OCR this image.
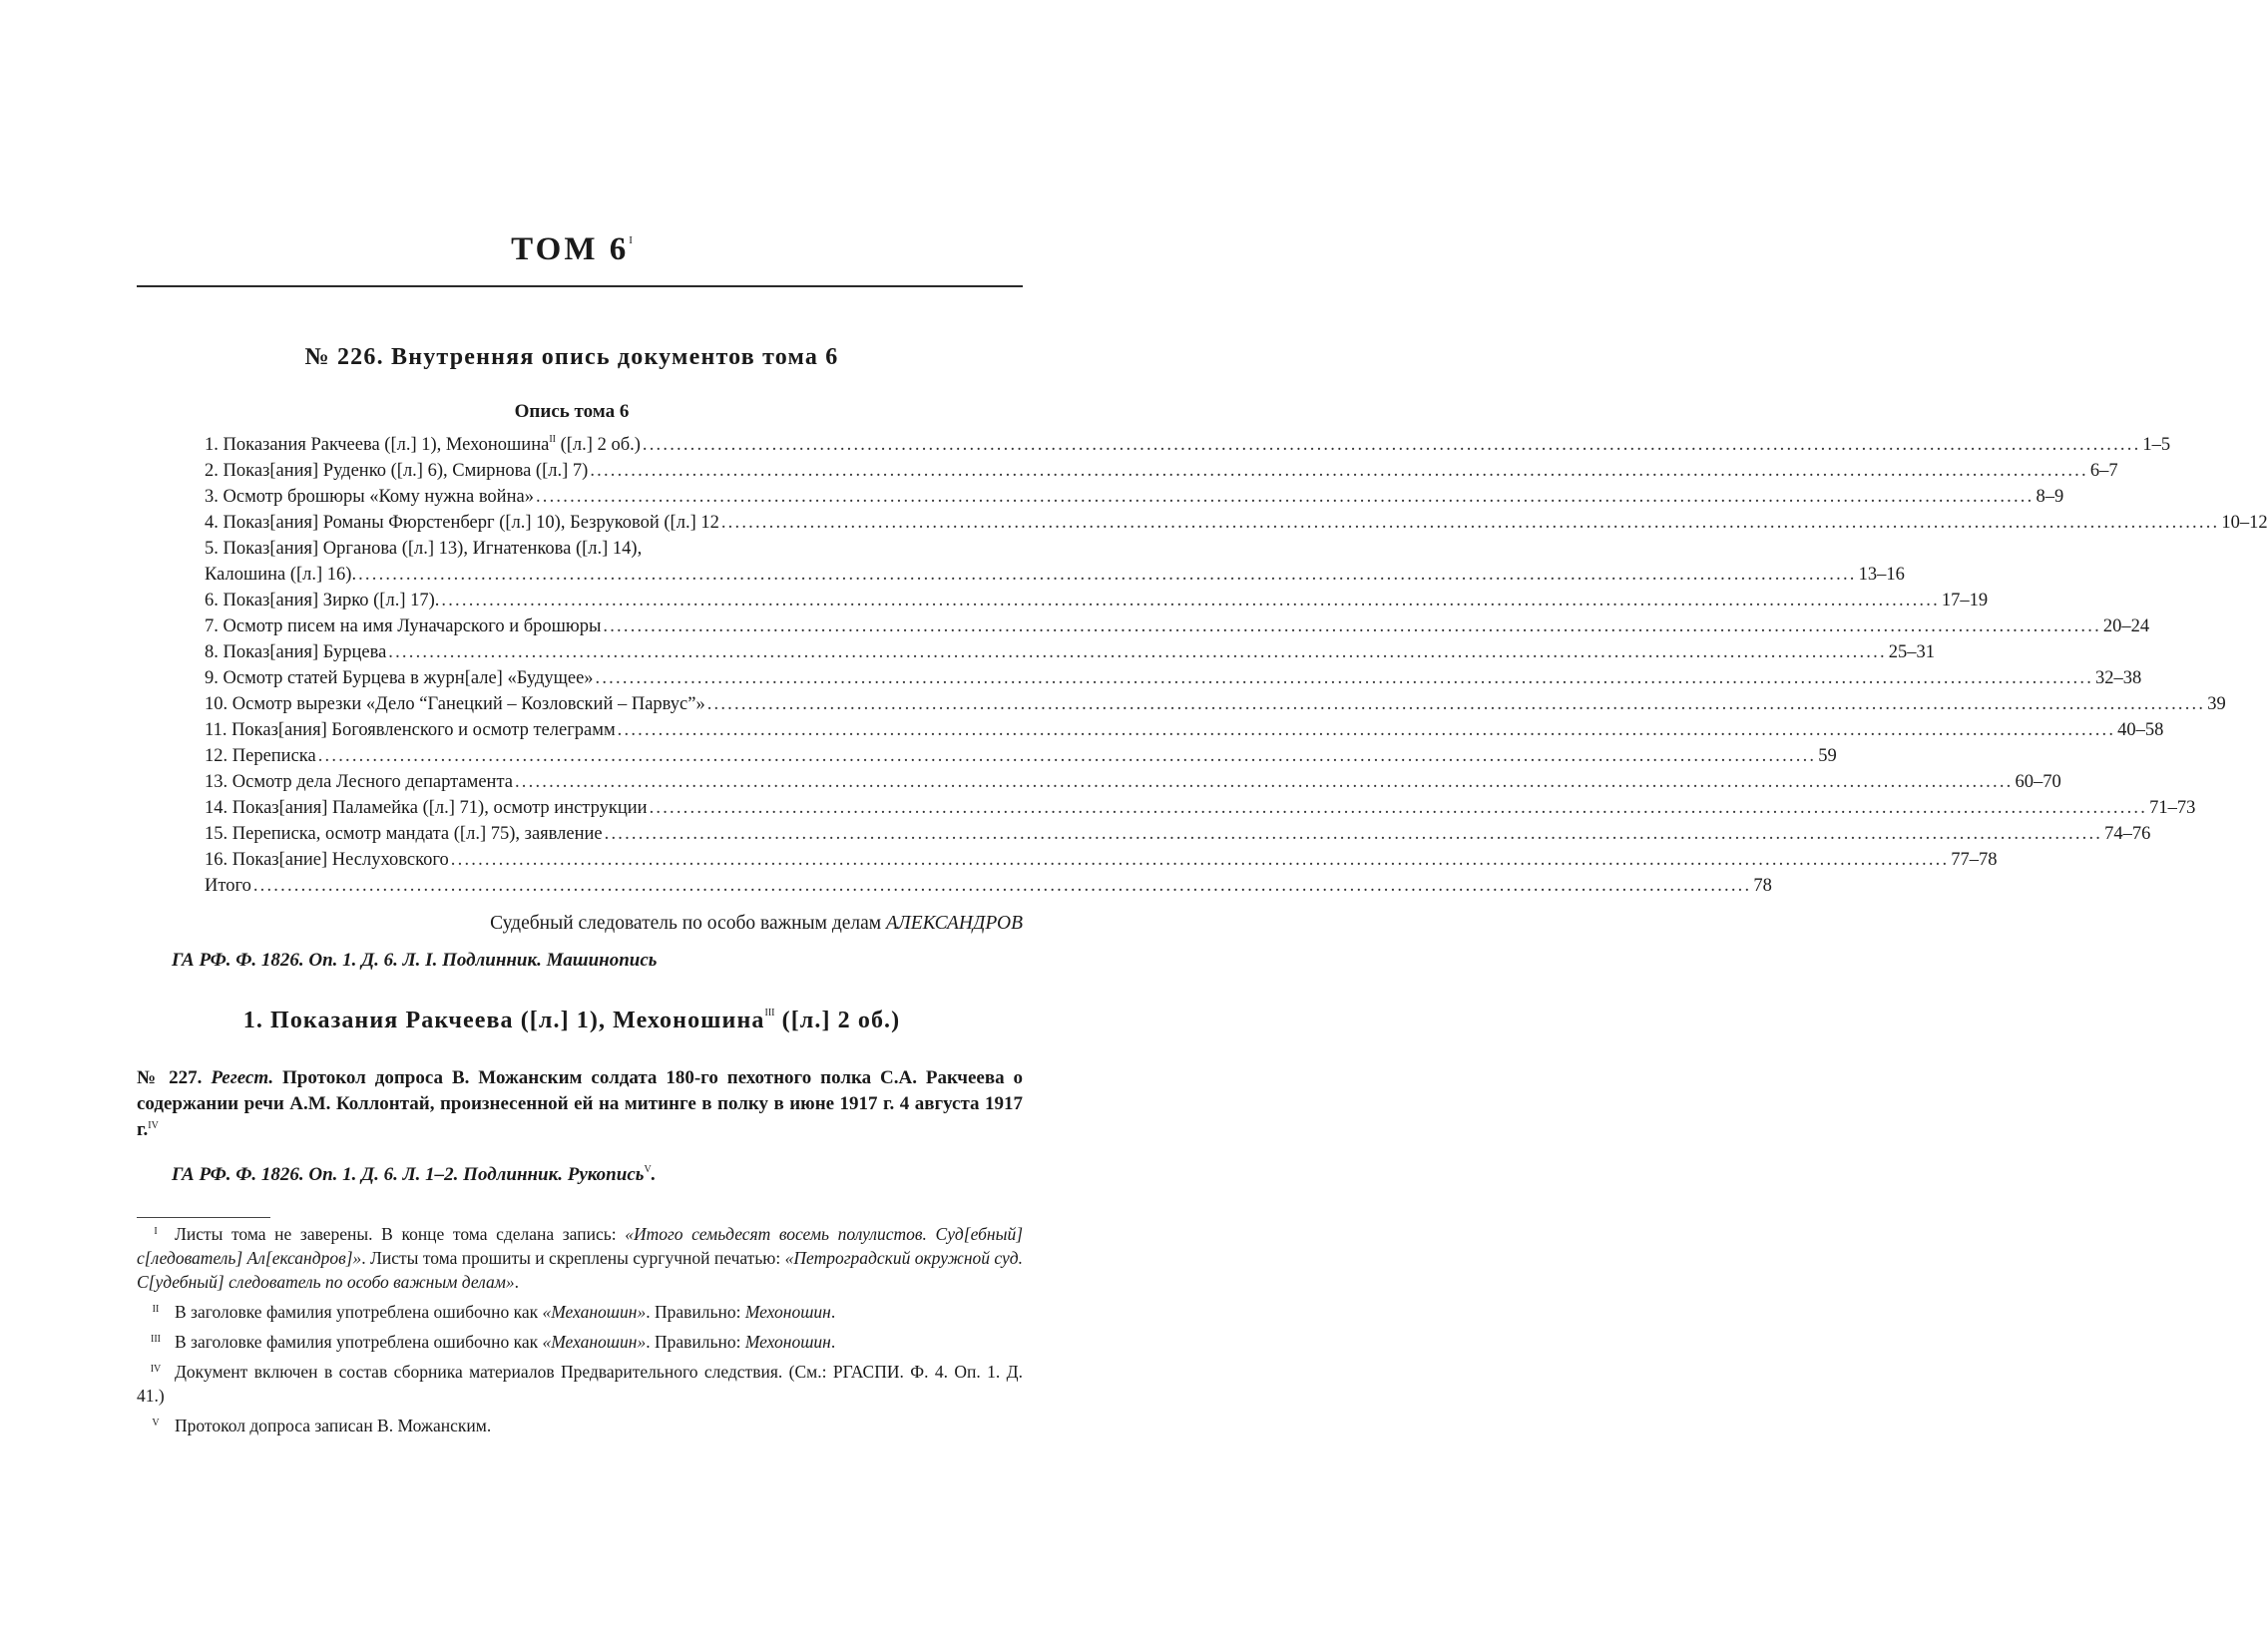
ТОМ $6^I$
№ 226. Внутренняя опись документов тома 6
Опись тома 6
1. Показания Ракчеева ([л.] 1), Мехоношина$^{II}$ ([л.] 2 об.) ............................................................................................................................................................................................................................ 1–5
2. Показ[ания] Руденко ([л.] 6), Смирнова ([л.] 7) ............................................................................................................................................................................................................................ 6–7
3. Осмотр брошюры «Кому нужна война» ............................................................................................................................................................................................................................ 8–9
4. Показ[ания] Романы Фюрстенберг ([л.] 10), Безруковой ([л.] 12 ............................................................................................................................................................................................................................ 10–12
5. Показ[ания] Органова ([л.] 13), Игнатенкова ([л.] 14),
Калошина ([л.] 16). ............................................................................................................................................................................................................................ 13–16
6. Показ[ания] Зирко ([л.] 17). ............................................................................................................................................................................................................................ 17–19
7. Осмотр писем на имя Луначарского и брошюры ............................................................................................................................................................................................................................ 20–24
8. Показ[ания] Бурцева ............................................................................................................................................................................................................................ 25–31
9. Осмотр статей Бурцева в журн[але] «Будущее» ............................................................................................................................................................................................................................ 32–38
10. Осмотр вырезки «Дело “Ганецкий – Козловский – Парвус”» ............................................................................................................................................................................................................................ 39
11. Показ[ания] Богоявленского и осмотр телеграмм ............................................................................................................................................................................................................................ 40–58
12. Переписка ............................................................................................................................................................................................................................ 59
13. Осмотр дела Лесного департамента ............................................................................................................................................................................................................................ 60–70
14. Показ[ания] Паламейка ([л.] 71), осмотр инструкции ............................................................................................................................................................................................................................ 71–73
15. Переписка, осмотр мандата ([л.] 75), заявление ............................................................................................................................................................................................................................ 74–76
16. Показ[ание] Неслуховского ............................................................................................................................................................................................................................ 77–78
Итого ............................................................................................................................................................................................................................ 78
Судебный следователь по особо важным делам АЛЕКСАНДРОВ
ГА РФ. Ф. 1826. Оп. 1. Д. 6. Л. I. Подлинник. Машинопись
1. Показания Ракчеева ([л.] 1), Мехоношина$^{III}$ ([л.] 2 об.)
№ 227. Регест. Протокол допроса В. Можанским солдата 180-го пехотного полка С.А. Ракчеева о содержании речи А.М. Коллонтай, произнесенной ей на митинге в полку в июне 1917 г. 4 августа 1917 г.$^{IV}$
ГА РФ. Ф. 1826. Оп. 1. Д. 6. Л. 1–2. Подлинник. Рукопись$^V$.
I Листы тома не заверены. В конце тома сделана запись: «Итого семьдесят восемь полулистов. Суд[ебный] с[ледователь] Ал[ександров]». Листы тома прошиты и скреплены сургучной печатью: «Петроградский окружной суд. С[удебный] следователь по особо важным делам».
II В заголовке фамилия употреблена ошибочно как «Механошин». Правильно: Мехоношин.
III В заголовке фамилия употреблена ошибочно как «Механошин». Правильно: Мехоношин.
IV Документ включен в состав сборника материалов Предварительного следствия. (См.: РГАСПИ. Ф. 4. Оп. 1. Д. 41.)
V Протокол допроса записан В. Можанским.
